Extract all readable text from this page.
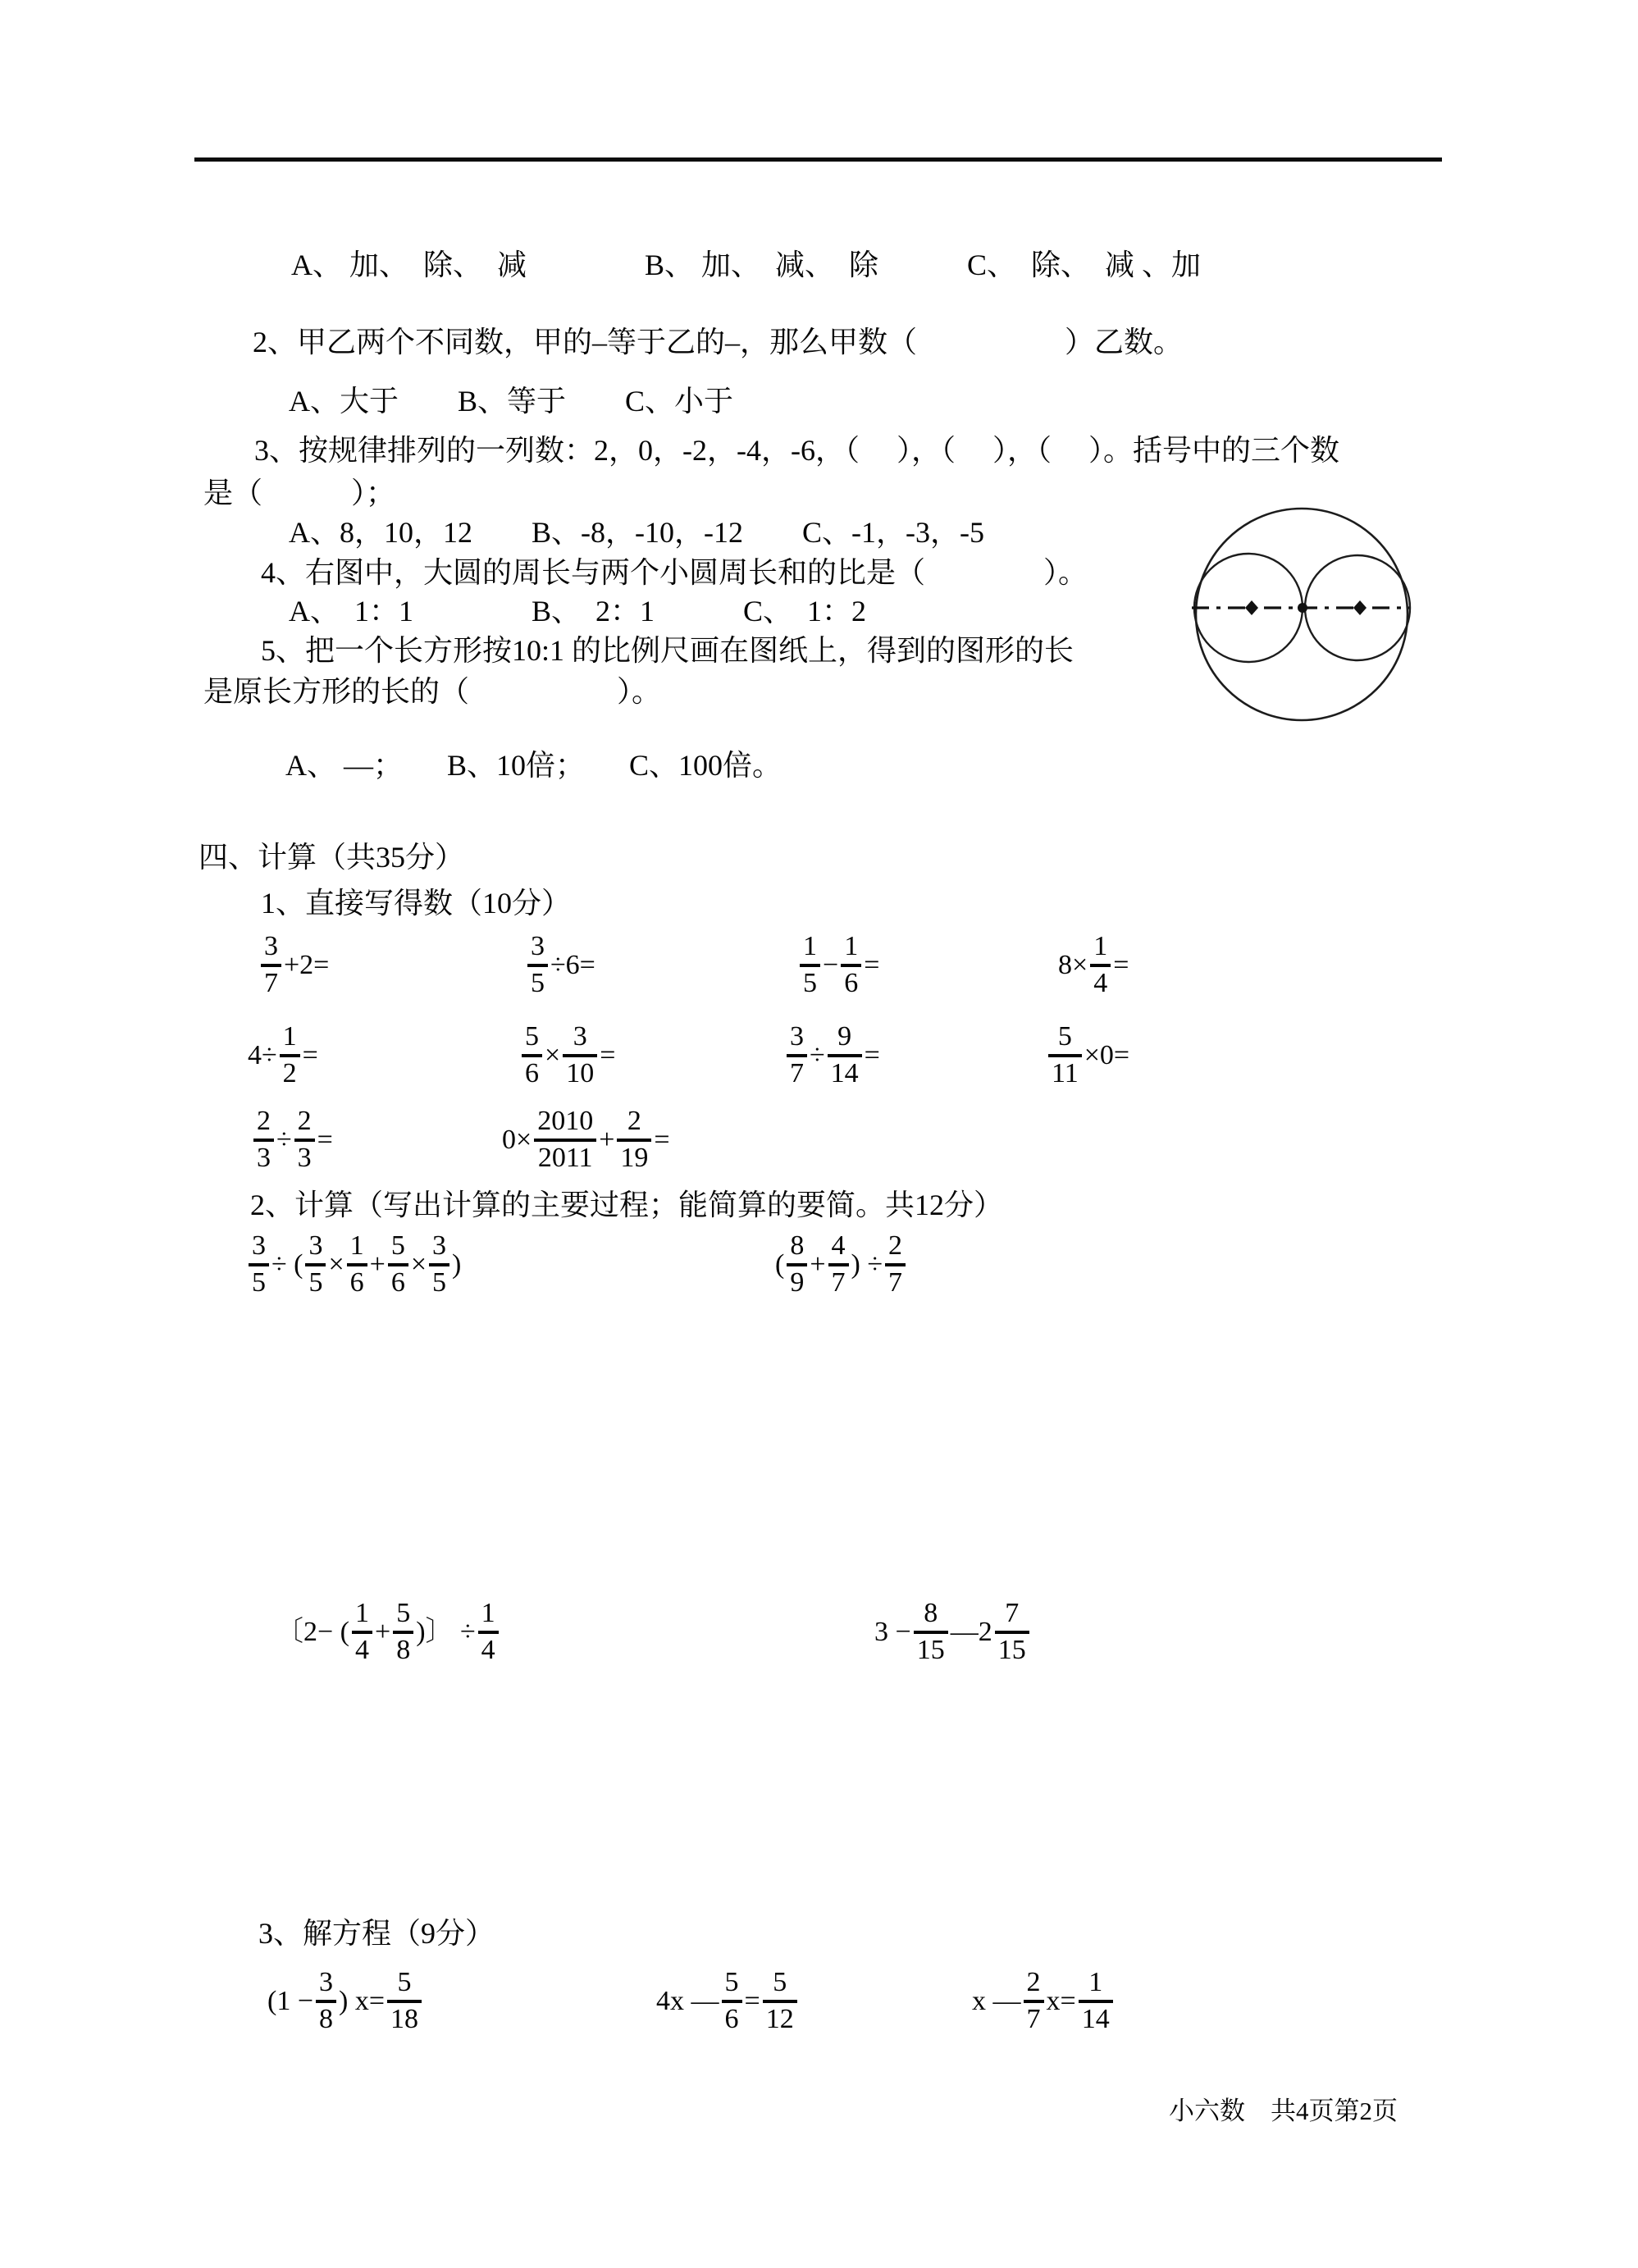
A、 加、  除、  减　　　　B、 加、  减、  除　　　C、  除、  减 、加
2、甲乙两个不同数，甲的–等于乙的–，那么甲数（　　　　　）乙数。
A、大于　　B、等于　　C、小于
3、按规律排列的一列数：2，0，-2，-4，-6，（　 ），（　 ），（　 ）。括号中的三个数
是（　　　）；
A、8，10，12　　B、-8，-10，-12　　C、-1，-3，-5
4、右图中，大圆的周长与两个小圆周长和的比是（　　　　）。
A、　1：1　　　　B、　2：1　　　C、　1：2
5、把一个长方形按10:1 的比例尺画在图纸上，得到的图形的长
是原长方形的长的（　　　　　）。
A、 —；　　B、10倍；　　C、100倍。
四、计算（共35分）
1、直接写得数（10分）
$\frac{3}{7} +2=$	$\frac{3}{5} \div 6=$	$\frac{1}{5} - \frac{1}{6}$ =	$8\times \frac{1}{4}$ =
$4\div \frac{1}{2}$ =	$\frac{5}{6} \times \frac{3}{10}$ =	$\frac{3}{7} \div \frac{9}{14}$ =	$\frac{5}{11} \times 0=$
$\frac{2}{3} \div \frac{2}{3}$ =	$0\times \frac{2010}{2011} + \frac{2}{19}$ =
2、计算（写出计算的主要过程；能简算的要简。共12分）
$\frac{3}{5}$ ÷ ( $\frac{3}{5} \times \frac{1}{6} + \frac{5}{6} \times \frac{3}{5}$ )	( $\frac{8}{9} + \frac{4}{7}$ ) ÷ $\frac{2}{7}$
〔2− ( $\frac{1}{4} + \frac{5}{8}$ )〕 ÷ $\frac{1}{4}$	$3 - \frac{8}{15}$ —2 $\frac{7}{15}$
3、解方程（9分）
($1 - \frac{3}{8}$ ) $x= \frac{5}{18}$	4x — $\frac{5}{6} = \frac{5}{12}$	x — $\frac{2}{7} x= \frac{1}{14}$
小六数　共4页第2页
